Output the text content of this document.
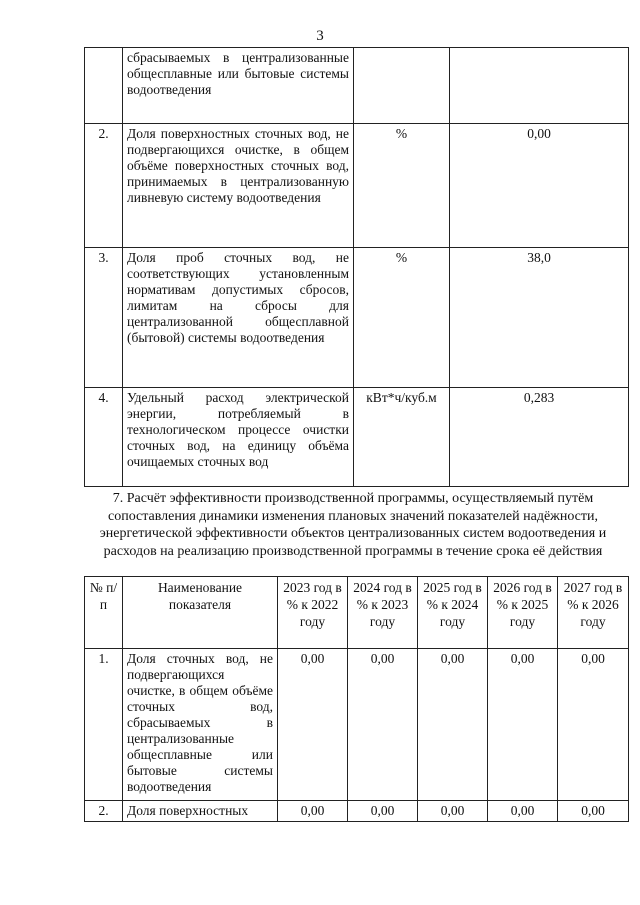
3
	сбрасываемых в централизованные общесплавные или бытовые системы водоотведения		
2.	Доля поверхностных сточных вод, не подвергающихся очистке, в общем объёме поверхностных сточных вод, принимаемых в централизованную ливневую систему водоотведения	%	0,00
3.	Доля проб сточных вод, не соответствующих установленным нормативам допустимых сбросов, лимитам на сбросы для централизованной общесплавной (бытовой) системы водоотведения	%	38,0
4.	Удельный расход электрической энергии, потребляемый в технологическом процессе очистки сточных вод, на единицу объёма очищаемых сточных вод	кВт*ч/куб.м	0,283
7. Расчёт эффективности производственной программы, осуществляемый путём сопоставления динамики изменения плановых значений показателей надёжности, энергетической эффективности объектов централизованных систем водоотведения и расходов на реализацию производственной программы в течение срока её действия
№ п/п	Наименование показателя	2023 год в % к 2022 году	2024 год в % к 2023 году	2025 год в % к 2024 году	2026 год в % к 2025 году	2027 год в % к 2026 году
1.	Доля сточных вод, не подвергающихся очистке, в общем объёме сточных вод, сбрасываемых в централизованные общесплавные или бытовые системы водоотведения	0,00	0,00	0,00	0,00	0,00
2.	Доля поверхностных	0,00	0,00	0,00	0,00	0,00
